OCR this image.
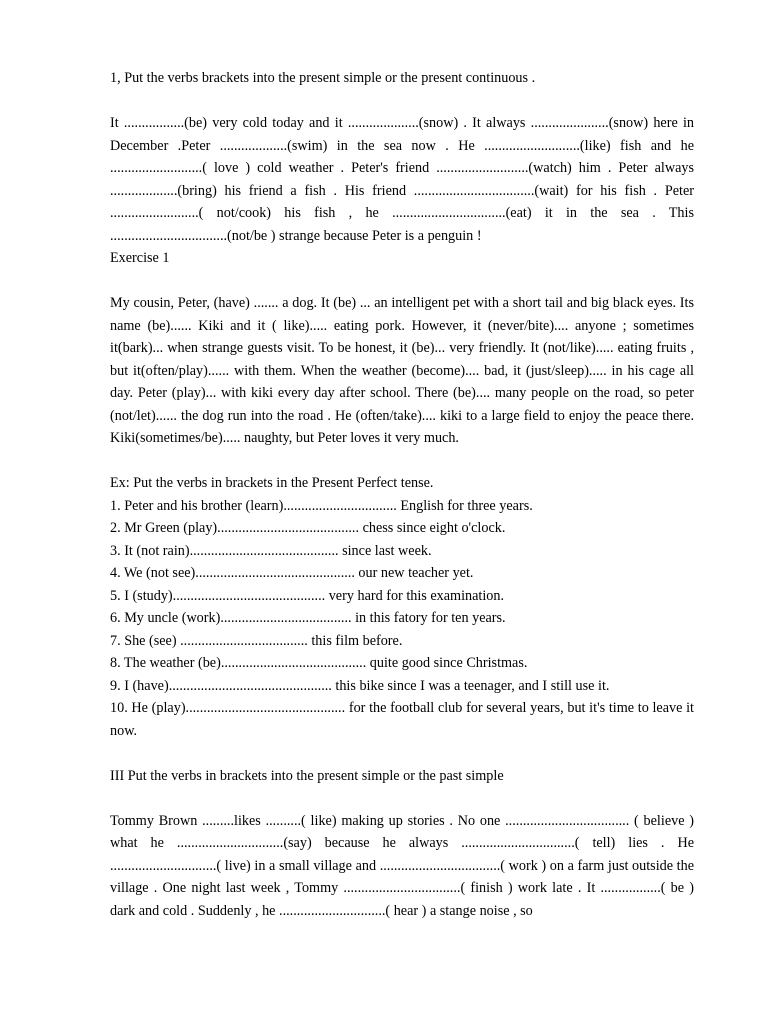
1, Put the verbs brackets into the present simple or the present continuous .

It .................(be) very cold today and it ....................(snow) . It always ......................(snow) here in December .Peter ...................(swim) in the sea now . He ...........................(like) fish and he ..........................( love ) cold weather . Peter's friend ..........................(watch) him . Peter always ...................(bring) his friend a fish . His friend ..................................(wait) for his fish . Peter .........................( not/cook) his fish , he ................................(eat) it in the sea . This .................................(not/be ) strange because Peter is a penguin !

Exercise 1

My cousin, Peter, (have) ....... a dog. It (be) ... an intelligent pet with a short tail and big black eyes. Its name (be)...... Kiki and it ( like)..... eating pork. However, it (never/bite).... anyone ; sometimes it(bark)... when strange guests visit. To be honest, it (be)... very friendly. It (not/like)..... eating fruits , but it(often/play)...... with them. When the weather (become).... bad, it (just/sleep)..... in his cage all day. Peter (play)... with kiki every day after school. There (be).... many people on the road, so peter (not/let)...... the dog run into the road . He (often/take).... kiki to a large field to enjoy the peace there. Kiki(sometimes/be)..... naughty, but Peter loves it very much.

Ex: Put the verbs in brackets in the Present Perfect tense.

1. Peter and his brother (learn)................................ English for three years.

2. Mr Green (play)........................................ chess since eight o'clock.

3. It (not rain).......................................... since last week.

4. We (not see)............................................. our new teacher yet.

5. I (study)........................................... very hard for this examination.

6. My uncle (work)..................................... in this fatory for ten years.

7. She (see) .................................... this film before.

8. The weather (be)......................................... quite good since Christmas.

9. I (have).............................................. this bike since I was a teenager, and I still use it.

10. He (play)............................................. for the football club for several years, but it's time to leave it now.

III Put the verbs in brackets into the present simple or the past simple

Tommy Brown .........likes ..........( like) making up stories . No one ................................... ( believe ) what he ..............................(say) because he always ................................( tell) lies . He ..............................( live) in a small village and ..................................( work ) on a farm just outside the village . One night last week , Tommy .................................( finish ) work late . It .................( be ) dark and cold . Suddenly , he ..............................( hear ) a stange noise , so
